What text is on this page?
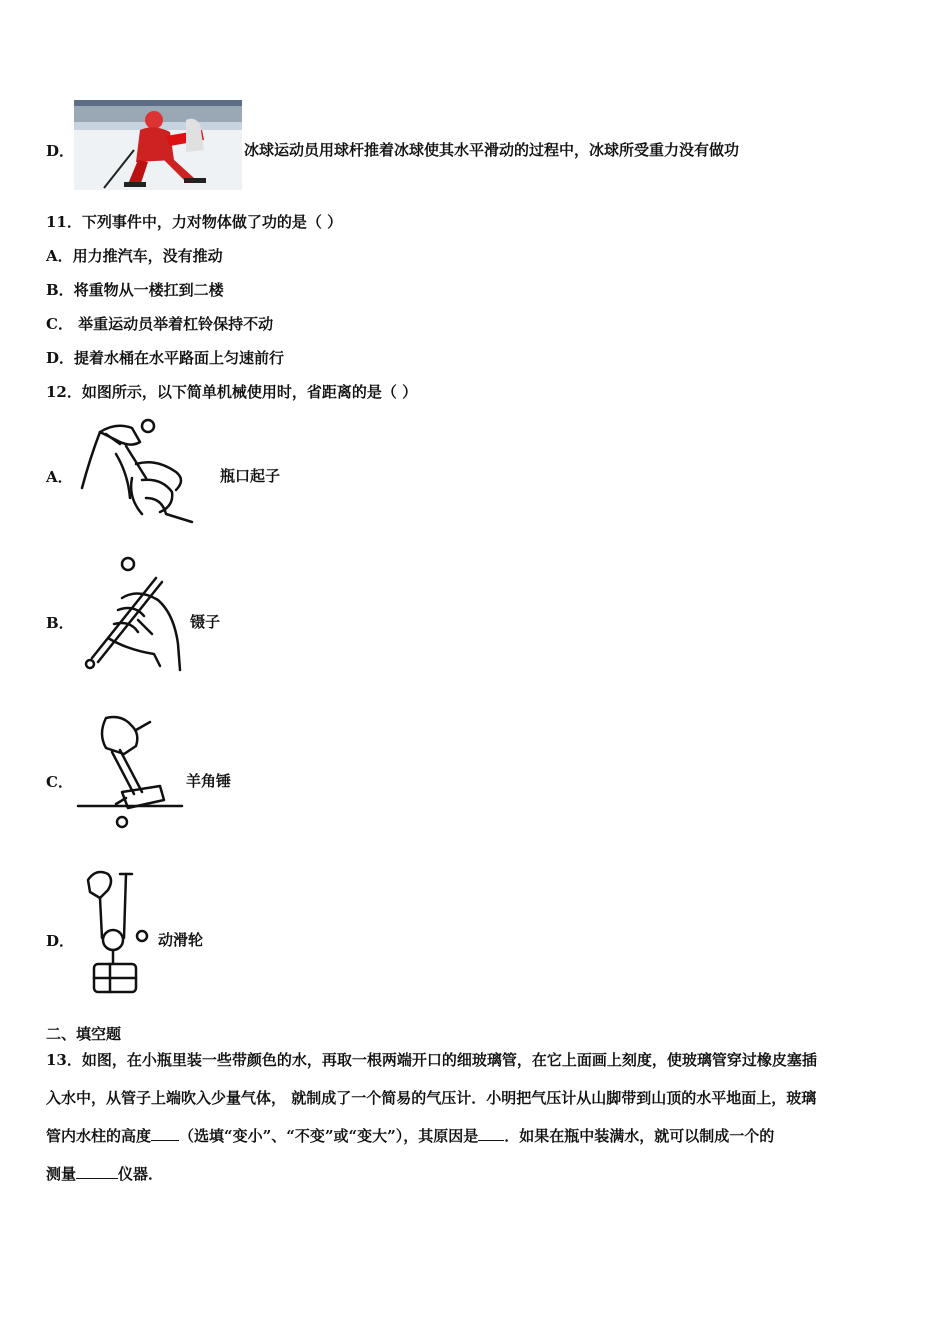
D．	冰球运动员用球杆推着冰球使其水平滑动的过程中，冰球所受重力没有做功
11．下列事件中，力对物体做了功的是（ ）
A．用力推汽车，没有推动
B．将重物从一楼扛到二楼
C． 举重运动员举着杠铃保持不动
D．提着水桶在水平路面上匀速前行
12．如图所示，以下简单机械使用时，省距离的是（ ）
A．	瓶口起子
B．	镊子
C．	羊角锤
D．	动滑轮
二、填空题
13．如图，在小瓶里装一些带颜色的水，再取一根两端开口的细玻璃管，在它上面画上刻度，使玻璃管穿过橡皮塞插
入水中，从管子上端吹入少量气体， 就制成了一个简易的气压计．小明把气压计从山脚带到山顶的水平地面上，玻璃
管内水柱的高度 （选填“变小”、“不变”或“变大”），其原因是 ．如果在瓶中装满水，就可以制成一个的
测量	仪器．
